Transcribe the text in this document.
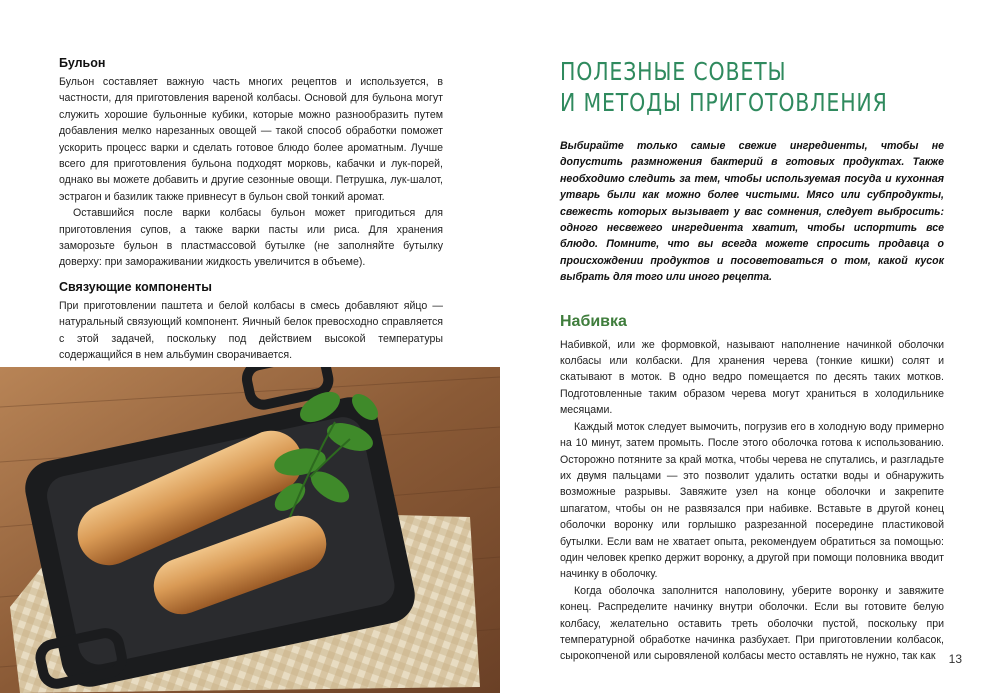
Бульон

Бульон составляет важную часть многих рецептов и используется, в частности, для приготовления вареной колбасы. Основой для бульона могут служить хорошие бульонные кубики, которые можно разнообразить путем добавления мелко нарезанных овощей — такой способ обработки поможет ускорить процесс варки и сделать готовое блюдо более ароматным. Лучше всего для приготовления бульона подходят морковь, кабачки и лук-порей, однако вы можете добавить и другие сезонные овощи. Петрушка, лук-шалот, эстрагон и базилик также привнесут в бульон свой тонкий аромат.

Оставшийся после варки колбасы бульон может пригодиться для приготовления супов, а также варки пасты или риса. Для хранения заморозьте бульон в пластмассовой бутылке (не заполняйте бутылку доверху: при замораживании жидкость увеличится в объеме).

Связующие компоненты

При приготовлении паштета и белой колбасы в смесь добавляют яйцо — натуральный связующий компонент. Яичный белок превосходно справляется с этой задачей, поскольку под действием высокой температуры содержащийся в нем альбумин сворачивается.

ПОЛЕЗНЫЕ СОВЕТЫ
И МЕТОДЫ ПРИГОТОВЛЕНИЯ

Выбирайте только самые свежие ингредиенты, чтобы не допустить размножения бактерий в готовых продуктах. Также необходимо следить за тем, чтобы используемая посуда и кухонная утварь были как можно более чистыми. Мясо или субпродукты, свежесть которых вызывает у вас сомнения, следует выбросить: одного несвежего ингредиента хватит, чтобы испортить все блюдо. Помните, что вы всегда можете спросить продавца о происхождении продуктов и посоветоваться о том, какой кусок выбрать для того или иного рецепта.

Набивка

Набивкой, или же формовкой, называют наполнение начинкой оболочки колбасы или колбаски. Для хранения черева (тонкие кишки) солят и скатывают в моток. В одно ведро помещается по десять таких мотков. Подготовленные таким образом черева могут храниться в холодильнике месяцами.

Каждый моток следует вымочить, погрузив его в холодную воду примерно на 10 минут, затем промыть. После этого оболочка готова к использованию. Осторожно потяните за край мотка, чтобы черева не спутались, и разгладьте их двумя пальцами — это позволит удалить остатки воды и обнаружить возможные разрывы. Завяжите узел на конце оболочки и закрепите шпагатом, чтобы он не развязался при набивке. Вставьте в другой конец оболочки воронку или горлышко разрезанной посередине пластиковой бутылки. Если вам не хватает опыта, рекомендуем обратиться за помощью: один человек крепко держит воронку, а другой при помощи половника вводит начинку в оболочку.

Когда оболочка заполнится наполовину, уберите воронку и завяжите конец. Распределите начинку внутри оболочки. Если вы готовите белую колбасу, желательно оставить треть оболочки пустой, поскольку при температурной обработке начинка разбухает. При приготовлении колбасок, сырокопченой или сыровяленой колбасы место оставлять не нужно, так как	13
